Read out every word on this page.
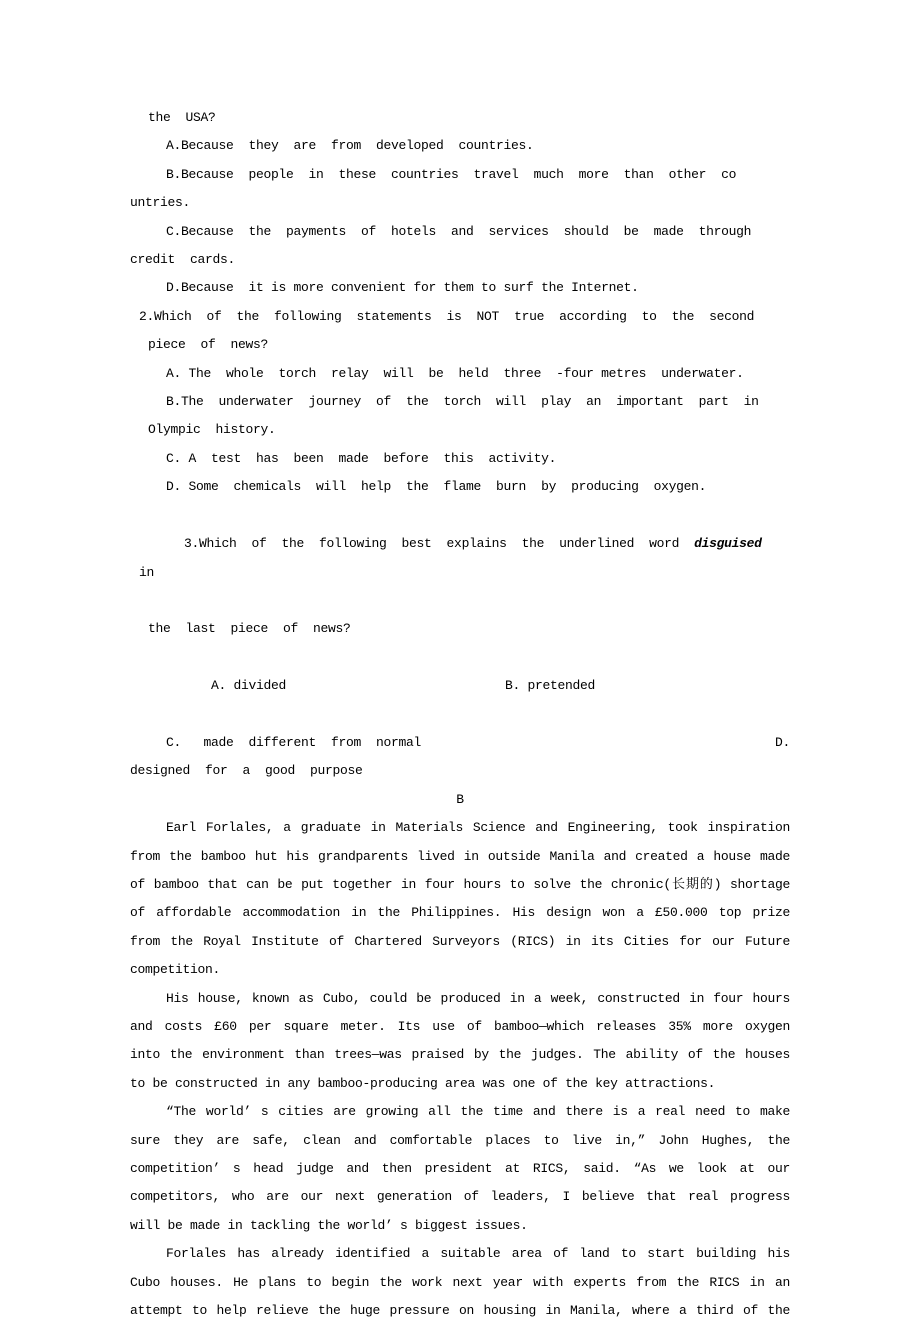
the  USA?
A.Because  they  are  from  developed  countries.
B.Because  people  in  these  countries  travel  much  more  than  other  co
untries.
C.Because  the  payments  of  hotels  and  services  should  be  made  through
credit  cards.
D.Because  it is more convenient for them to surf the Internet.
2.Which  of  the  following  statements  is  NOT  true  according  to  the  second
piece  of  news?
A. The  whole  torch  relay  will  be  held  three  -four metres  underwater.
B.The  underwater  journey  of  the  torch  will  play  an  important  part  in
Olympic  history.
C. A  test  has  been  made  before  this  activity.
D. Some  chemicals  will  help  the  flame  burn  by  producing  oxygen.

3.Which  of  the  following  best  explains  the  underlined  word  disguised  in

the  last  piece  of  news?

A. divided	B. pretended

C.   made  different  from  normal	D.
designed  for  a  good  purpose
B
Earl Forlales, a graduate in Materials Science and Engineering, took inspiration
from the bamboo hut his grandparents lived in outside Manila and created a house made
of bamboo that can be put together in four hours to solve the chronic(长期的) shortage
of affordable accommodation in the Philippines. His design won a £50.000 top prize
from the Royal Institute of Chartered Surveyors (RICS) in its Cities for our Future
competition.
His house, known as Cubo, could be produced in a week, constructed in four hours
and costs £60 per square meter. Its use of bamboo—which releases 35% more oxygen
into the environment than trees—was praised by the judges. The ability of the houses
to be constructed in any bamboo-producing area was one of the key attractions.
“The world’ s cities are growing all the time and there is a real need to make
sure they are safe, clean and comfortable places to live in,” John Hughes, the
competition’ s head judge and then president at RICS, said. “As we look at our
competitors, who are our next generation of leaders, I believe that real progress
will be made in tackling the world’ s biggest issues.
Forlales has already identified a suitable area of land to start building his
Cubo houses. He plans to begin the work next year with experts from the RICS in an
attempt to help relieve the huge pressure on housing in Manila, where a third of the
